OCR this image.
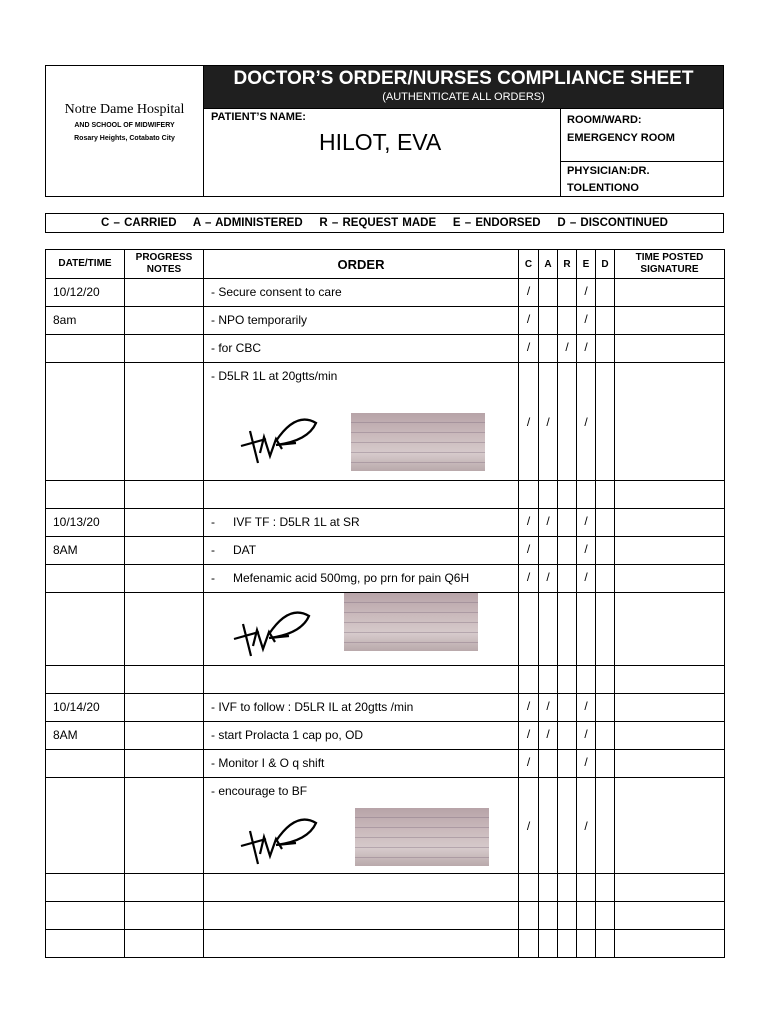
Notre Dame Hospital
AND SCHOOL OF MIDWIFERY
Rosary Heights, Cotabato City
DOCTOR’S ORDER/NURSES COMPLIANCE SHEET
(AUTHENTICATE ALL ORDERS)
PATIENT’S NAME:
HILOT, EVA
ROOM/WARD:
EMERGENCY ROOM
PHYSICIAN:DR.
TOLENTIONO
C – CARRIED    A – ADMINISTERED    R – REQUEST MADE    E – ENDORSED    D – DISCONTINUED
DATE/TIME	PROGRESS NOTES	ORDER	C	A	R	E	D	TIME POSTED SIGNATURE
10/12/20		- Secure consent to care	/			/		
8am		- NPO temporarily	/			/		
		- for CBC	/		/	/		

		- D5LR 1L at 20gtts/min	/	/		/		

10/13/20		- IVF TF : D5LR 1L at SR	/	/		/		
8AM		- DAT	/			/		
		- Mefenamic acid 500mg, po prn for pain Q6H	/	/		/		

10/14/20		- IVF to follow : D5LR IL at 20gtts /min	/	/		/		
8AM		- start Prolacta 1 cap po, OD	/	/		/		
		- Monitor I & O q shift	/			/		

		- encourage to BF	/			/		
